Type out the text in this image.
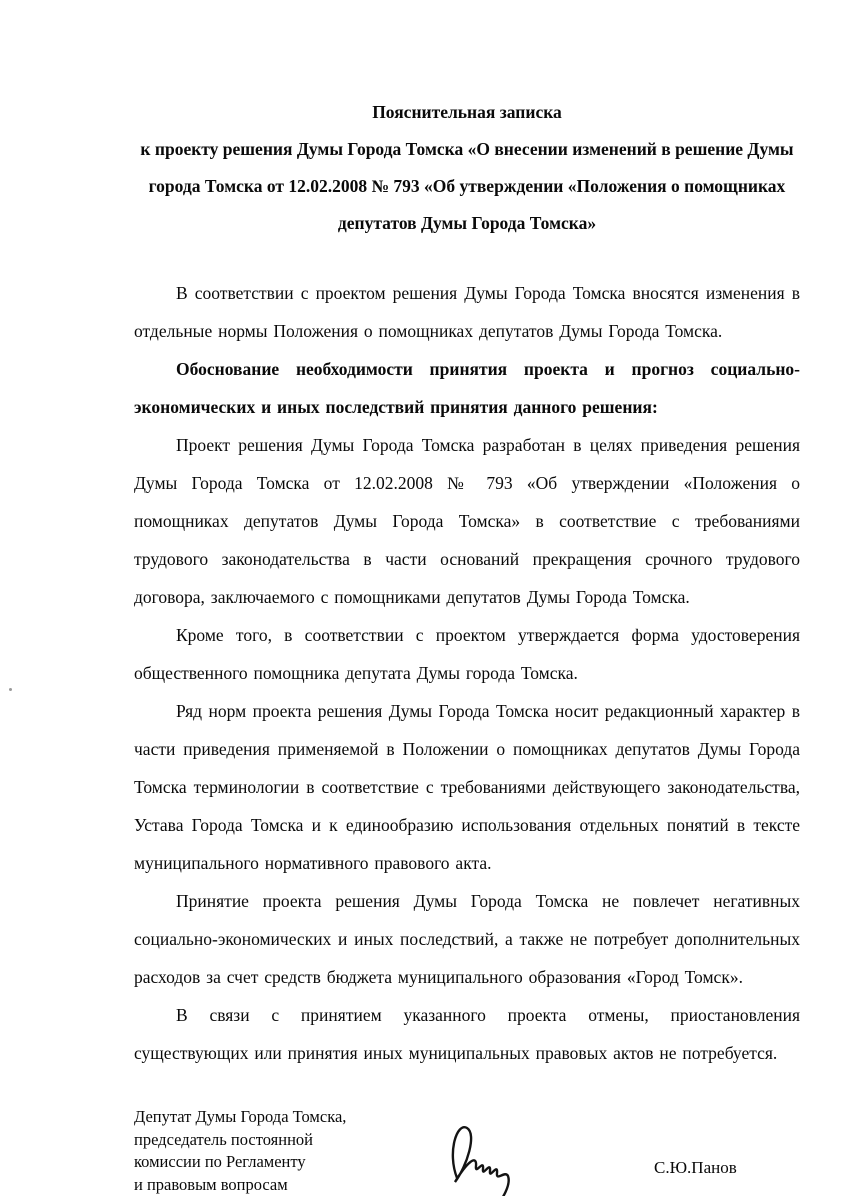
Пояснительная записка

к проекту решения Думы Города Томска «О внесении изменений в решение Думы города Томска от 12.02.2008 № 793 «Об утверждении «Положения о помощниках депутатов Думы Города Томска»

В соответствии с проектом решения Думы Города Томска вносятся изменения в отдельные нормы Положения о помощниках депутатов Думы Города Томска.

Обоснование необходимости принятия проекта и прогноз социально-экономических и иных последствий принятия данного решения:

Проект решения Думы Города Томска разработан в целях приведения решения Думы Города Томска от 12.02.2008 № 793 «Об утверждении «Положения о помощниках депутатов Думы Города Томска» в соответствие с требованиями трудового законодательства в части оснований прекращения срочного трудового договора, заключаемого с помощниками депутатов Думы Города Томска.

Кроме того, в соответствии с проектом утверждается форма удостоверения общественного помощника депутата Думы города Томска.

Ряд норм проекта решения Думы Города Томска носит редакционный характер в части приведения применяемой в Положении о помощниках депутатов Думы Города Томска терминологии в соответствие с требованиями действующего законодательства, Устава Города Томска и к единообразию использования отдельных понятий в тексте муниципального нормативного правового акта.

Принятие проекта решения Думы Города Томска не повлечет негативных социально-экономических и иных последствий, а также не потребует дополнительных расходов за счет средств бюджета муниципального образования «Город Томск».

В связи с принятием указанного проекта отмены, приостановления существующих или принятия иных муниципальных правовых актов не потребуется.

Депутат Думы Города Томска,
председатель постоянной
комиссии по Регламенту
и правовым вопросам
С.Ю.Панов
